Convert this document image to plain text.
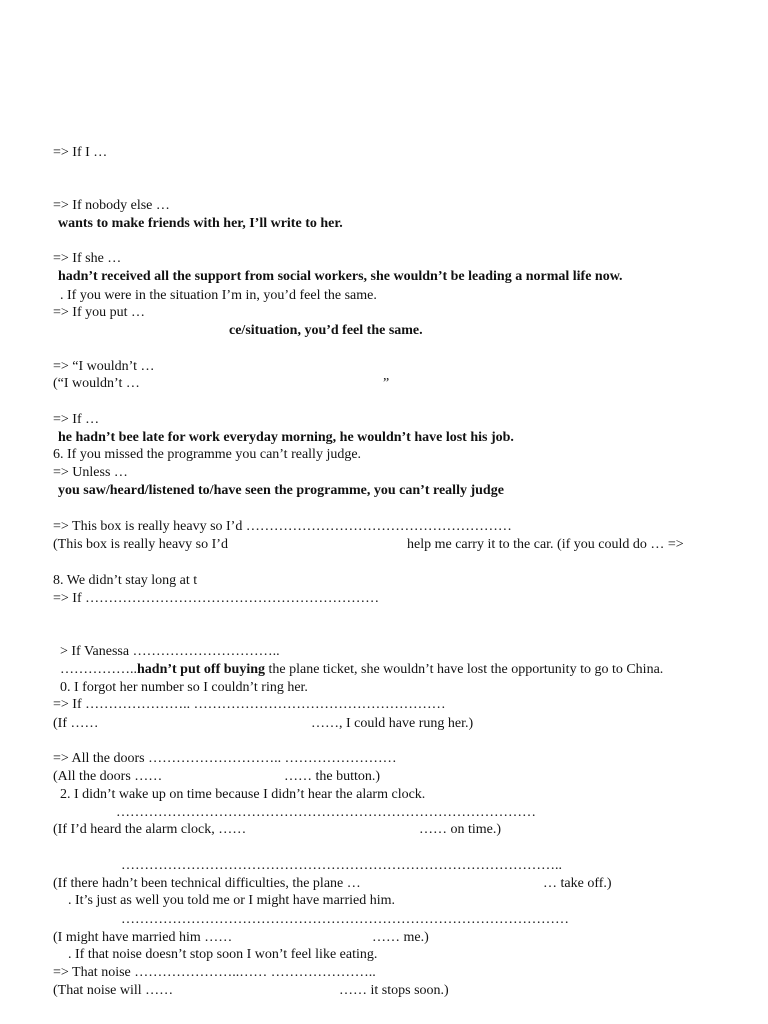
=> If I …
=> If nobody else …
wants to make friends with her, I’ll write to her.
=> If she …
hadn’t received all the support from social workers, she wouldn’t be leading a normal life now.
. If you were in the situation I’m in, you’d feel the same.
=> If you put …
ce/situation, you’d feel the same.
=> “I wouldn’t …
(“I wouldn’t …	”
=> If …
he hadn’t bee late for work everyday morning, he wouldn’t have lost his job.
6. If you missed the programme you can’t really judge.
=> Unless …
you saw/heard/listened to/have seen the programme, you can’t really judge
=> This box is really heavy so I’d …………………………………………………
(This box is really heavy so I’d	help me carry it to the car. (if you could do … =>
8. We didn’t stay long at t
=> If ………………………………………………………
> If Vanessa …………………………..
……………..hadn’t put off buying the plane ticket, she wouldn’t have lost the opportunity to go to China.
0. I forgot her number so I couldn’t ring her.
=> If ………………….. ………………………………………………
(If ……	……, I could have rung her.)
=> All the doors ……………………….. ……………………
(All the doors ……	…… the button.)
2. I didn’t wake up on time because I didn’t hear the alarm clock.
………………………………………………………………………………
(If I’d heard the alarm clock, ……	…… on time.)
…………………………………………………………………………………..
(If there hadn’t been technical difficulties, the plane …	… take off.)
. It’s just as well you told me or I might have married him.
……………………………………………………………………………………
(I might have married him ……	…… me.)
. If that noise doesn’t stop soon I won’t feel like eating.
=> That noise …………………..…… …………………..
(That noise will ……	…… it stops soon.)
